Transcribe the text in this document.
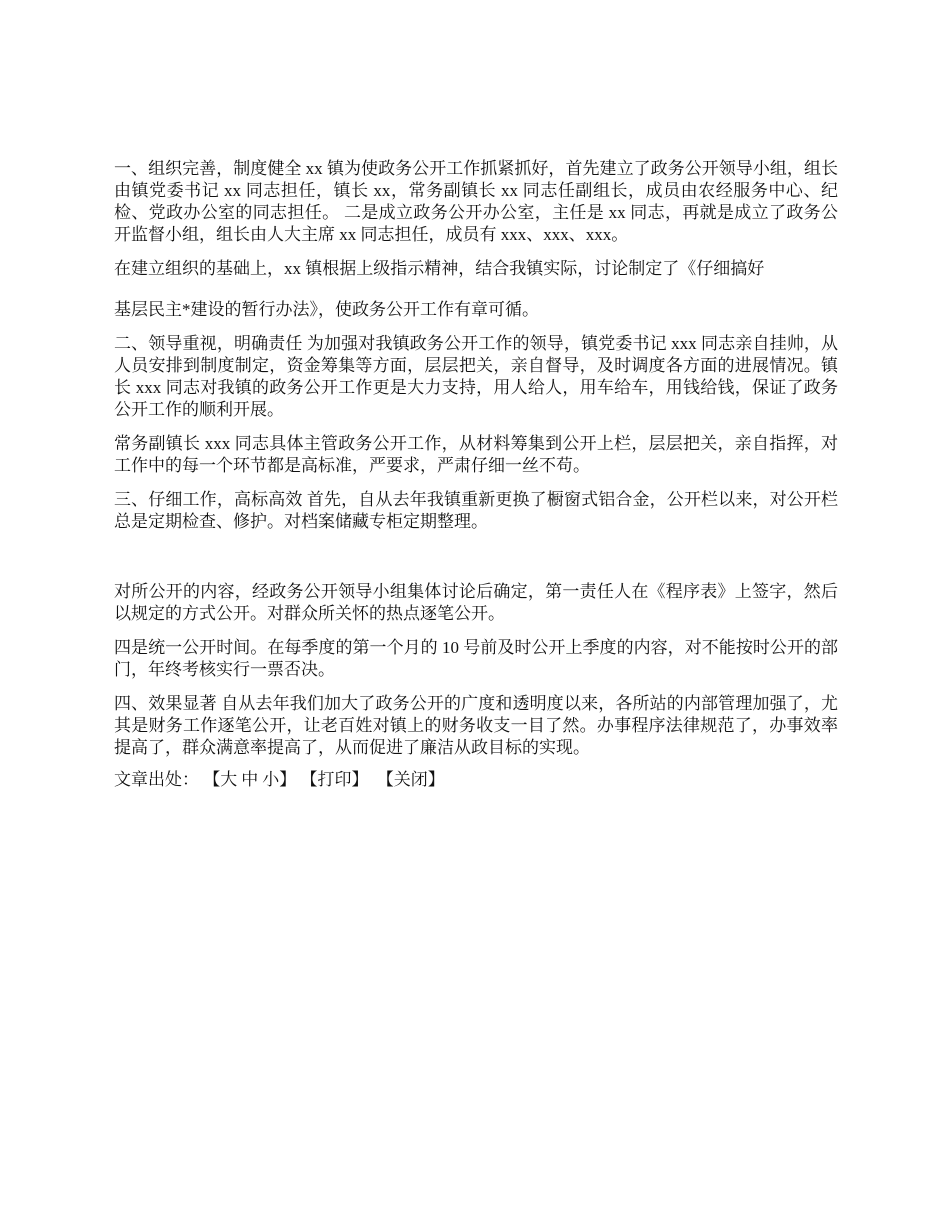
一、组织完善，制度健全 xx 镇为使政务公开工作抓紧抓好，首先建立了政务公开领导小组，组长由镇党委书记 xx 同志担任，镇长 xx，常务副镇长 xx 同志任副组长，成员由农经服务中心、纪检、党政办公室的同志担任。 二是成立政务公开办公室，主任是 xx 同志，再就是成立了政务公开监督小组，组长由人大主席 xx 同志担任，成员有 xxx、xxx、xxx。

在建立组织的基础上，xx 镇根据上级指示精神，结合我镇实际，讨论制定了《仔细搞好

基层民主*建设的暂行办法》，使政务公开工作有章可循。

二、领导重视，明确责任 为加强对我镇政务公开工作的领导，镇党委书记 xxx 同志亲自挂帅，从人员安排到制度制定，资金筹集等方面，层层把关，亲自督导，及时调度各方面的进展情况。镇长 xxx 同志对我镇的政务公开工作更是大力支持，用人给人，用车给车，用钱给钱，保证了政务公开工作的顺利开展。

常务副镇长 xxx 同志具体主管政务公开工作，从材料筹集到公开上栏，层层把关，亲自指挥，对工作中的每一个环节都是高标准，严要求，严肃仔细一丝不苟。

三、仔细工作，高标高效 首先，自从去年我镇重新更换了橱窗式铝合金，公开栏以来，对公开栏总是定期检查、修护。对档案储藏专柜定期整理。

对所公开的内容，经政务公开领导小组集体讨论后确定，第一责任人在《程序表》上签字，然后以规定的方式公开。对群众所关怀的热点逐笔公开。

四是统一公开时间。在每季度的第一个月的 10 号前及时公开上季度的内容，对不能按时公开的部门，年终考核实行一票否决。

四、效果显著 自从去年我们加大了政务公开的广度和透明度以来，各所站的内部管理加强了，尤其是财务工作逐笔公开，让老百姓对镇上的财务收支一目了然。办事程序法律规范了，办事效率提高了，群众满意率提高了，从而促进了廉洁从政目标的实现。

文章出处： 【大 中 小】 【打印】 【关闭】
